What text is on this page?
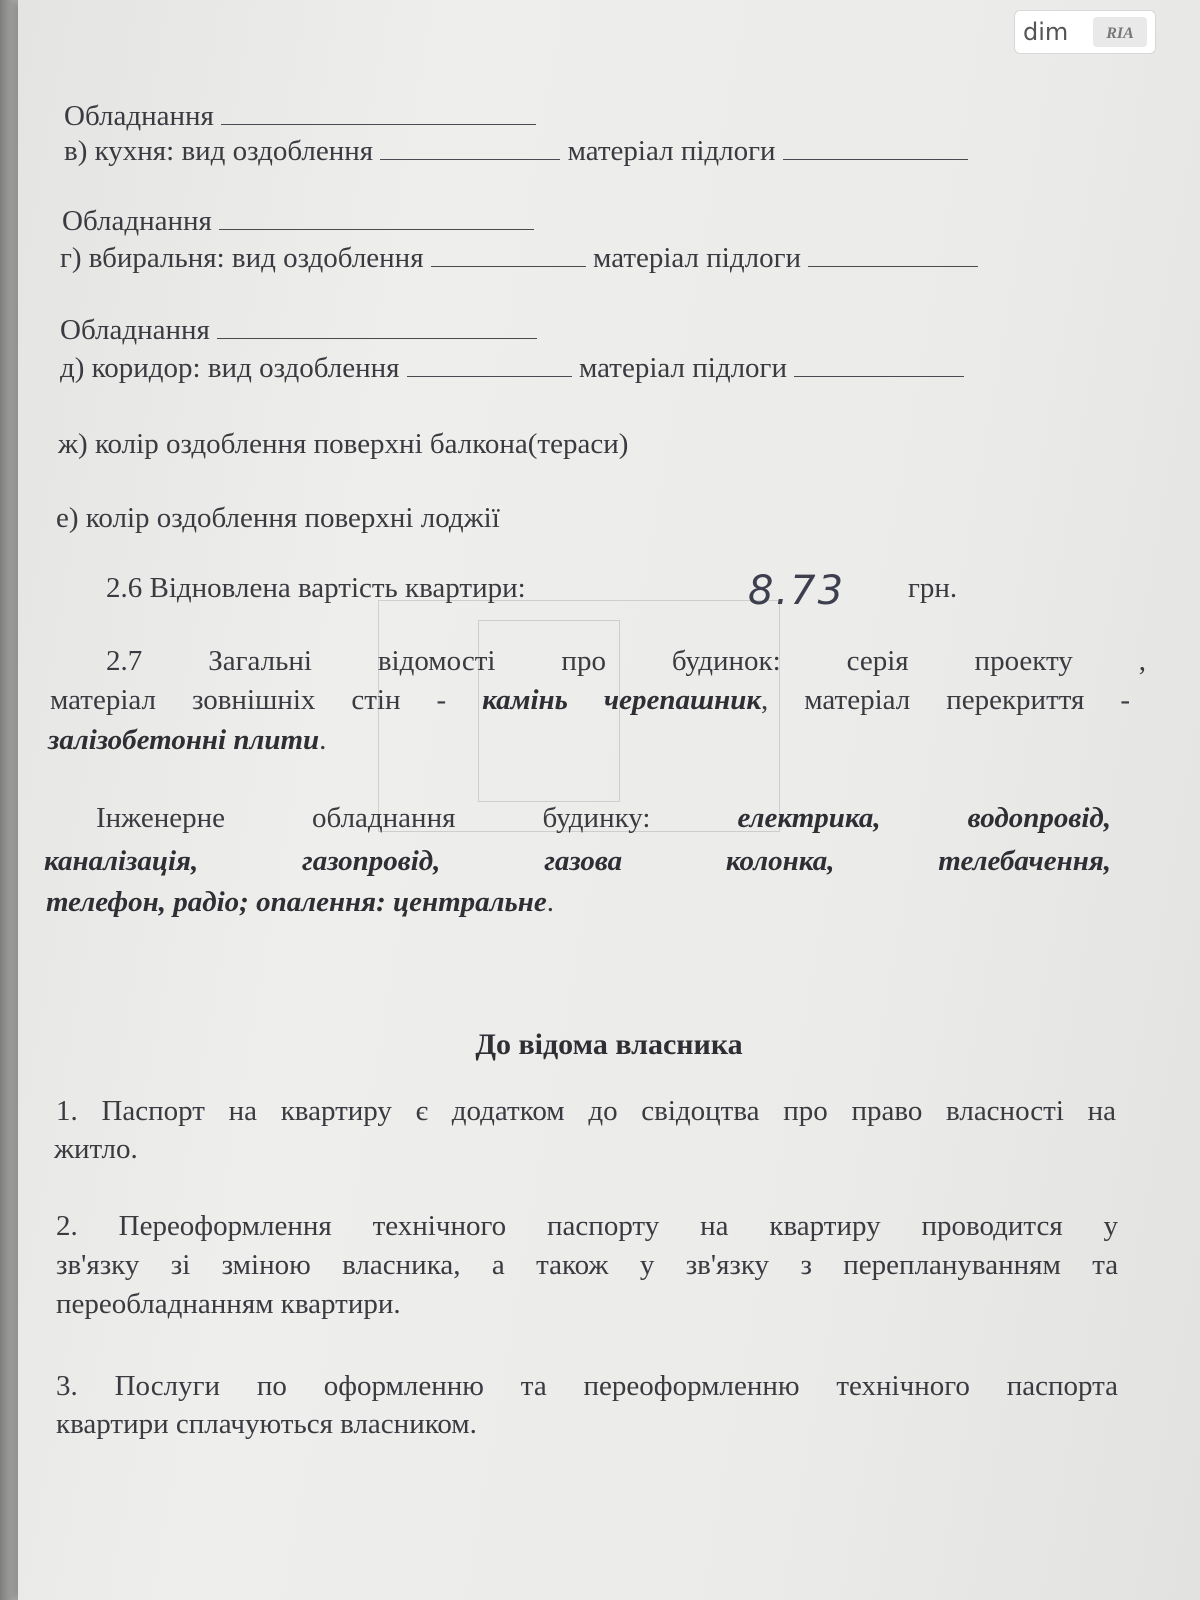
Обладнання
в) кухня: вид оздоблення	матеріал підлоги
Обладнання
г) вбиральня: вид оздоблення	матеріал підлоги
Обладнання
д) коридор: вид оздоблення	матеріал підлоги
ж) колір оздоблення поверхні балкона(тераси)
е) колір оздоблення поверхні лоджії
2.6 Відновлена вартість квартири:	8.73 грн.
2.7 Загальні відомості про будинок: серія проекту ,
матеріал зовнішніх стін - камінь черепашник, матеріал перекриття -
залізобетонні плити.
Інженерне	обладнання	будинку:	електрика,	водопровід,
каналізація,	газопровід,	газова	колонка,	телебачення,
телефон, радіо; опалення: центральне.
До відома власника
1. Паспорт на квартиру є додатком до свідоцтва про право власності на
житло.
2. Переоформлення технічного паспорту на квартиру проводится у
зв'язку зі зміною власника, а також у зв'язку з переплануванням та
переобладнанням квартири.
3. Послуги по оформленню та переоформленню технічного паспорта
квартири сплачуються власником.
dim RIA
